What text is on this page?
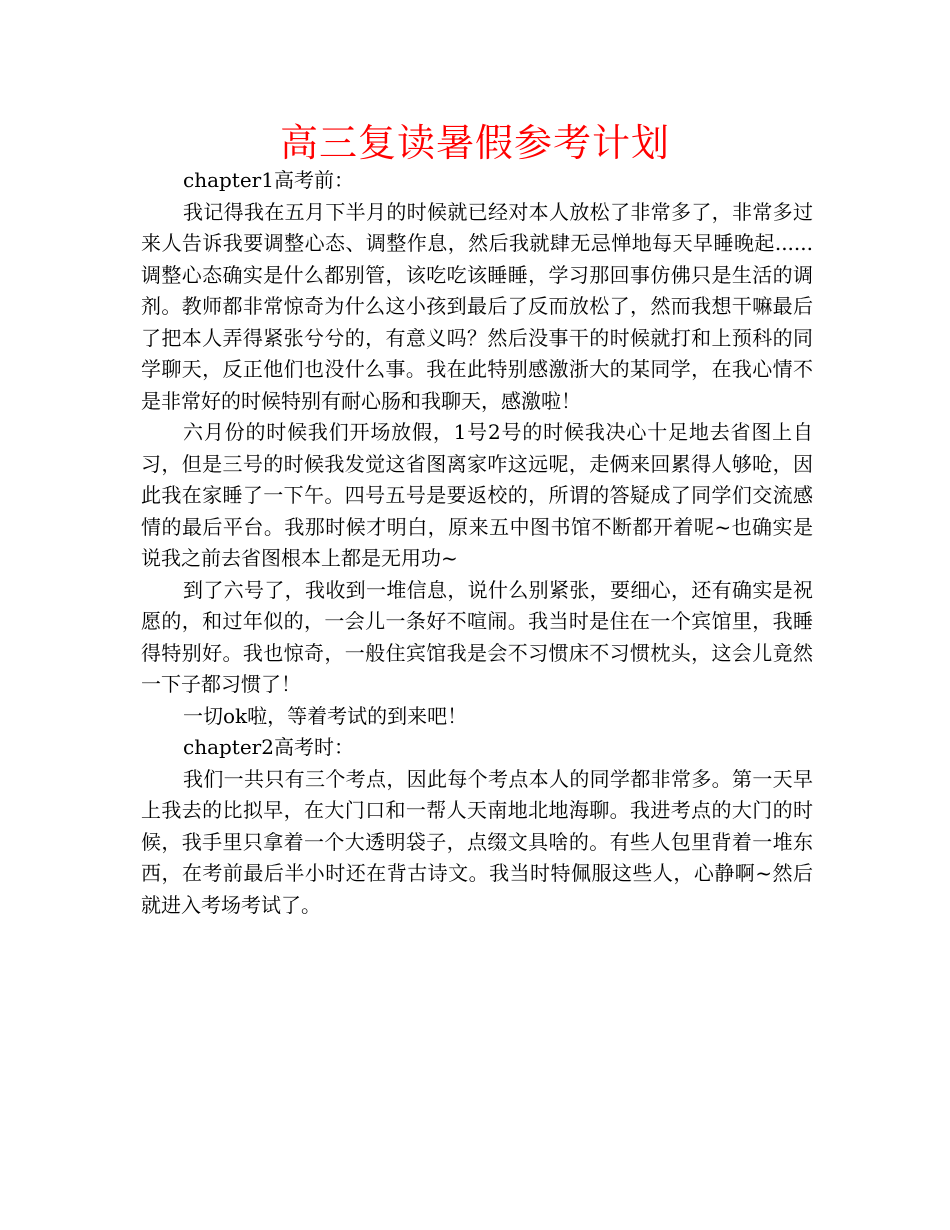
高三复读暑假参考计划

chapter1高考前：

我记得我在五月下半月的时候就已经对本人放松了非常多了，非常多过来人告诉我要调整心态、调整作息，然后我就肆无忌惮地每天早睡晚起......调整心态确实是什么都别管，该吃吃该睡睡，学习那回事仿佛只是生活的调剂。教师都非常惊奇为什么这小孩到最后了反而放松了，然而我想干嘛最后了把本人弄得紧张兮兮的，有意义吗？然后没事干的时候就打和上预科的同学聊天，反正他们也没什么事。我在此特别感激浙大的某同学，在我心情不是非常好的时候特别有耐心肠和我聊天，感激啦！

六月份的时候我们开场放假，1号2号的时候我决心十足地去省图上自习，但是三号的时候我发觉这省图离家咋这远呢，走俩来回累得人够呛，因此我在家睡了一下午。四号五号是要返校的，所谓的答疑成了同学们交流感情的最后平台。我那时候才明白，原来五中图书馆不断都开着呢~也确实是说我之前去省图根本上都是无用功~

到了六号了，我收到一堆信息，说什么别紧张，要细心，还有确实是祝愿的，和过年似的，一会儿一条好不喧闹。我当时是住在一个宾馆里，我睡得特别好。我也惊奇，一般住宾馆我是会不习惯床不习惯枕头，这会儿竟然一下子都习惯了！

一切ok啦，等着考试的到来吧！

chapter2高考时：

我们一共只有三个考点，因此每个考点本人的同学都非常多。第一天早上我去的比拟早，在大门口和一帮人天南地北地海聊。我进考点的大门的时候，我手里只拿着一个大透明袋子，点缀文具啥的。有些人包里背着一堆东西，在考前最后半小时还在背古诗文。我当时特佩服这些人，心静啊~然后就进入考场考试了。
